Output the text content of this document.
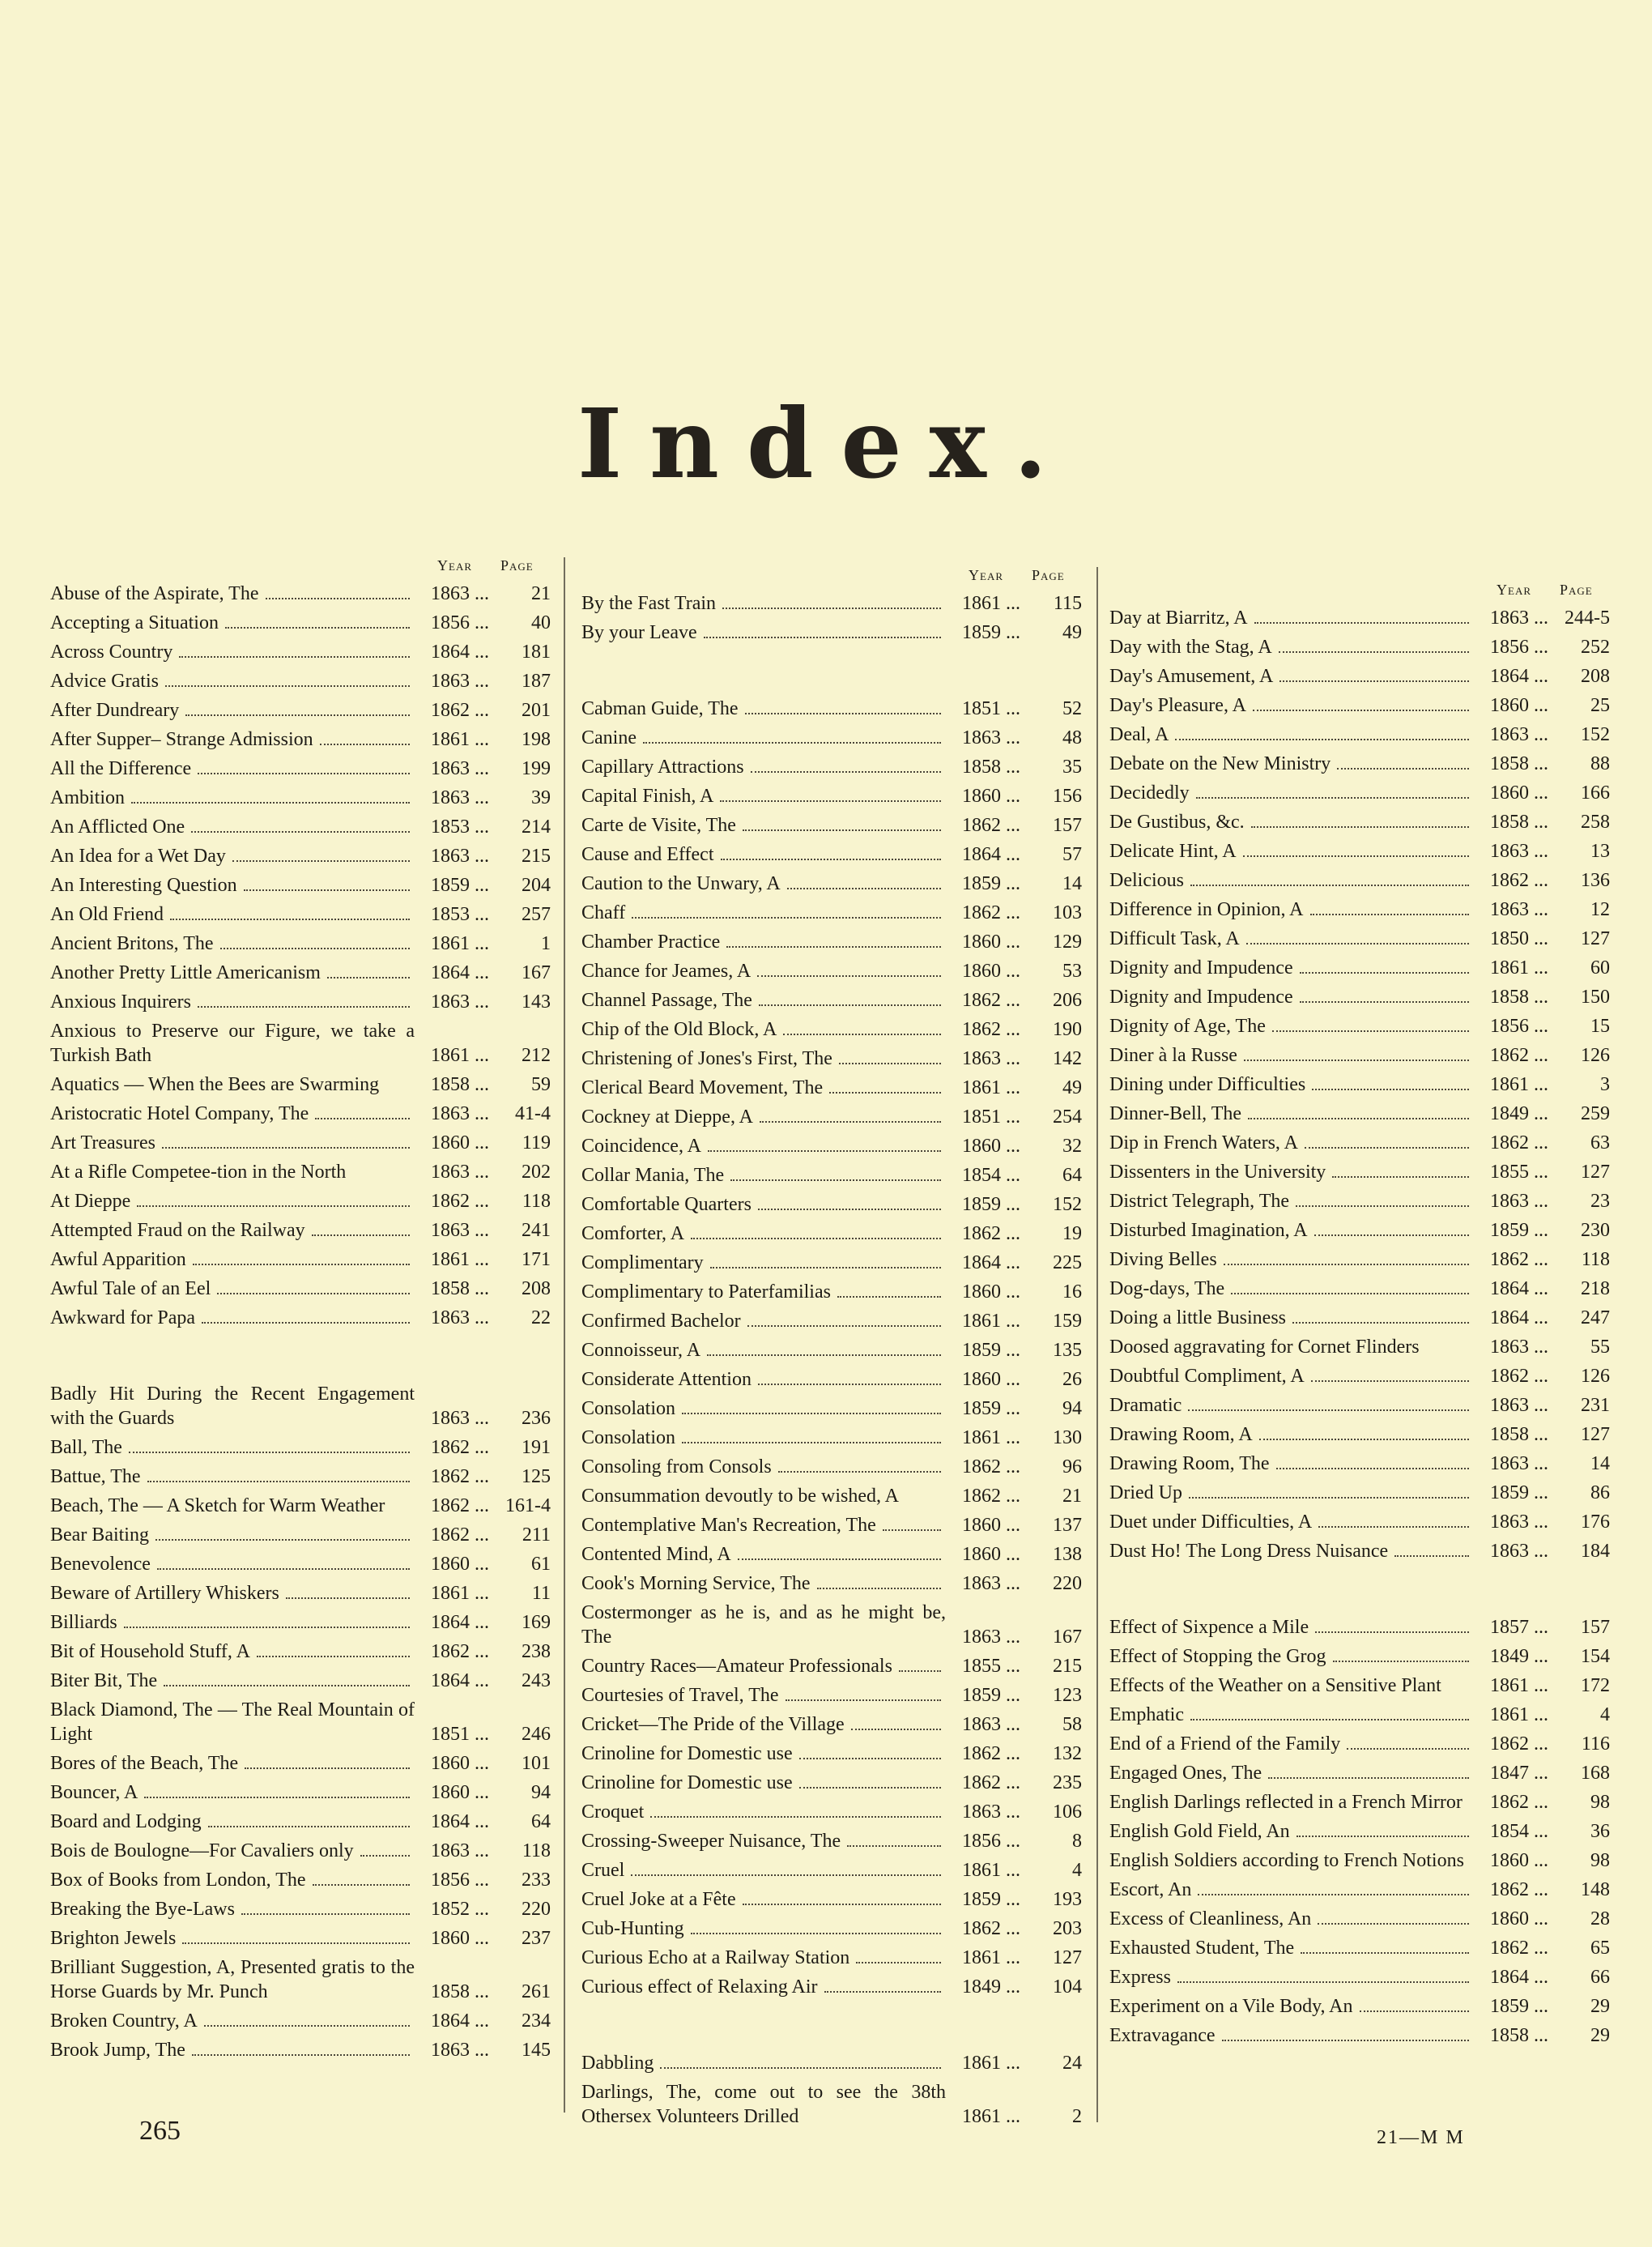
Index.
Year Page
Abuse of the Aspirate, The	1863 ...	21
Accepting a Situation	1856 ...	40
Across Country	1864 ...	181
Advice Gratis	1863 ...	187
After Dundreary	1862 ...	201
After Supper– Strange Admission	1861 ...	198
All the Difference	1863 ...	199
Ambition	1863 ...	39
An Afflicted One	1853 ...	214
An Idea for a Wet Day	1863 ...	215
An Interesting Question	1859 ...	204
An Old Friend	1853 ...	257
Ancient Britons, The	1861 ...	1
Another Pretty Little Americanism	1864 ...	167
Anxious Inquirers	1863 ...	143
Anxious to Preserve our Figure, we take a Turkish Bath	1861 ...	212
Aquatics — When the Bees are Swarming	1858 ...	59
Aristocratic Hotel Company, The	1863 ...	41-4
Art Treasures	1860 ...	119
At a Rifle Competee-tion in the North	1863 ...	202
At Dieppe	1862 ...	118
Attempted Fraud on the Railway	1863 ...	241
Awful Apparition	1861 ...	171
Awful Tale of an Eel	1858 ...	208
Awkward for Papa	1863 ...	22
Badly Hit During the Recent Engagement with the Guards	1863 ...	236
Ball, The	1862 ...	191
Battue, The	1862 ...	125
Beach, The — A Sketch for Warm Weather	1862 ...	161-4
Bear Baiting	1862 ...	211
Benevolence	1860 ...	61
Beware of Artillery Whiskers	1861 ...	11
Billiards	1864 ...	169
Bit of Household Stuff, A	1862 ...	238
Biter Bit, The	1864 ...	243
Black Diamond, The — The Real Mountain of Light	1851 ...	246
Bores of the Beach, The	1860 ...	101
Bouncer, A	1860 ...	94
Board and Lodging	1864 ...	64
Bois de Boulogne—For Cavaliers only	1863 ...	118
Box of Books from London, The	1856 ...	233
Breaking the Bye-Laws	1852 ...	220
Brighton Jewels	1860 ...	237
Brilliant Suggestion, A, Presented gratis to the Horse Guards by Mr. Punch	1858 ...	261
Broken Country, A	1864 ...	234
Brook Jump, The	1863 ...	145
Year Page
By the Fast Train	1861 ...	115
By your Leave	1859 ...	49
Cabman Guide, The	1851 ...	52
Canine	1863 ...	48
Capillary Attractions	1858 ...	35
Capital Finish, A	1860 ...	156
Carte de Visite, The	1862 ...	157
Cause and Effect	1864 ...	57
Caution to the Unwary, A	1859 ...	14
Chaff	1862 ...	103
Chamber Practice	1860 ...	129
Chance for Jeames, A	1860 ...	53
Channel Passage, The	1862 ...	206
Chip of the Old Block, A	1862 ...	190
Christening of Jones's First, The	1863 ...	142
Clerical Beard Movement, The	1861 ...	49
Cockney at Dieppe, A	1851 ...	254
Coincidence, A	1860 ...	32
Collar Mania, The	1854 ...	64
Comfortable Quarters	1859 ...	152
Comforter, A	1862 ...	19
Complimentary	1864 ...	225
Complimentary to Paterfamilias	1860 ...	16
Confirmed Bachelor	1861 ...	159
Connoisseur, A	1859 ...	135
Considerate Attention	1860 ...	26
Consolation	1859 ...	94
Consolation	1861 ...	130
Consoling from Consols	1862 ...	96
Consummation devoutly to be wished, A	1862 ...	21
Contemplative Man's Recreation, The	1860 ...	137
Contented Mind, A	1860 ...	138
Cook's Morning Service, The	1863 ...	220
Costermonger as he is, and as he might be, The	1863 ...	167
Country Races—Amateur Professionals	1855 ...	215
Courtesies of Travel, The	1859 ...	123
Cricket—The Pride of the Village	1863 ...	58
Crinoline for Domestic use	1862 ...	132
Crinoline for Domestic use	1862 ...	235
Croquet	1863 ...	106
Crossing-Sweeper Nuisance, The	1856 ...	8
Cruel	1861 ...	4
Cruel Joke at a Fête	1859 ...	193
Cub-Hunting	1862 ...	203
Curious Echo at a Railway Station	1861 ...	127
Curious effect of Relaxing Air	1849 ...	104
Dabbling	1861 ...	24
Darlings, The, come out to see the 38th Othersex Volunteers Drilled	1861 ...	2
Year Page
Day at Biarritz, A	1863 ...	244-5
Day with the Stag, A	1856 ...	252
Day's Amusement, A	1864 ...	208
Day's Pleasure, A	1860 ...	25
Deal, A	1863 ...	152
Debate on the New Ministry	1858 ...	88
Decidedly	1860 ...	166
De Gustibus, &c.	1858 ...	258
Delicate Hint, A	1863 ...	13
Delicious	1862 ...	136
Difference in Opinion, A	1863 ...	12
Difficult Task, A	1850 ...	127
Dignity and Impudence	1861 ...	60
Dignity and Impudence	1858 ...	150
Dignity of Age, The	1856 ...	15
Diner à la Russe	1862 ...	126
Dining under Difficulties	1861 ...	3
Dinner-Bell, The	1849 ...	259
Dip in French Waters, A	1862 ...	63
Dissenters in the University	1855 ...	127
District Telegraph, The	1863 ...	23
Disturbed Imagination, A	1859 ...	230
Diving Belles	1862 ...	118
Dog-days, The	1864 ...	218
Doing a little Business	1864 ...	247
Doosed aggravating for Cornet Flinders	1863 ...	55
Doubtful Compliment, A	1862 ...	126
Dramatic	1863 ...	231
Drawing Room, A	1858 ...	127
Drawing Room, The	1863 ...	14
Dried Up	1859 ...	86
Duet under Difficulties, A	1863 ...	176
Dust Ho! The Long Dress Nuisance	1863 ...	184
Effect of Sixpence a Mile	1857 ...	157
Effect of Stopping the Grog	1849 ...	154
Effects of the Weather on a Sensitive Plant	1861 ...	172
Emphatic	1861 ...	4
End of a Friend of the Family	1862 ...	116
Engaged Ones, The	1847 ...	168
English Darlings reflected in a French Mirror	1862 ...	98
English Gold Field, An	1854 ...	36
English Soldiers according to French Notions	1860 ...	98
Escort, An	1862 ...	148
Excess of Cleanliness, An	1860 ...	28
Exhausted Student, The	1862 ...	65
Express	1864 ...	66
Experiment on a Vile Body, An	1859 ...	29
Extravagance	1858 ...	29
265	21—M M
